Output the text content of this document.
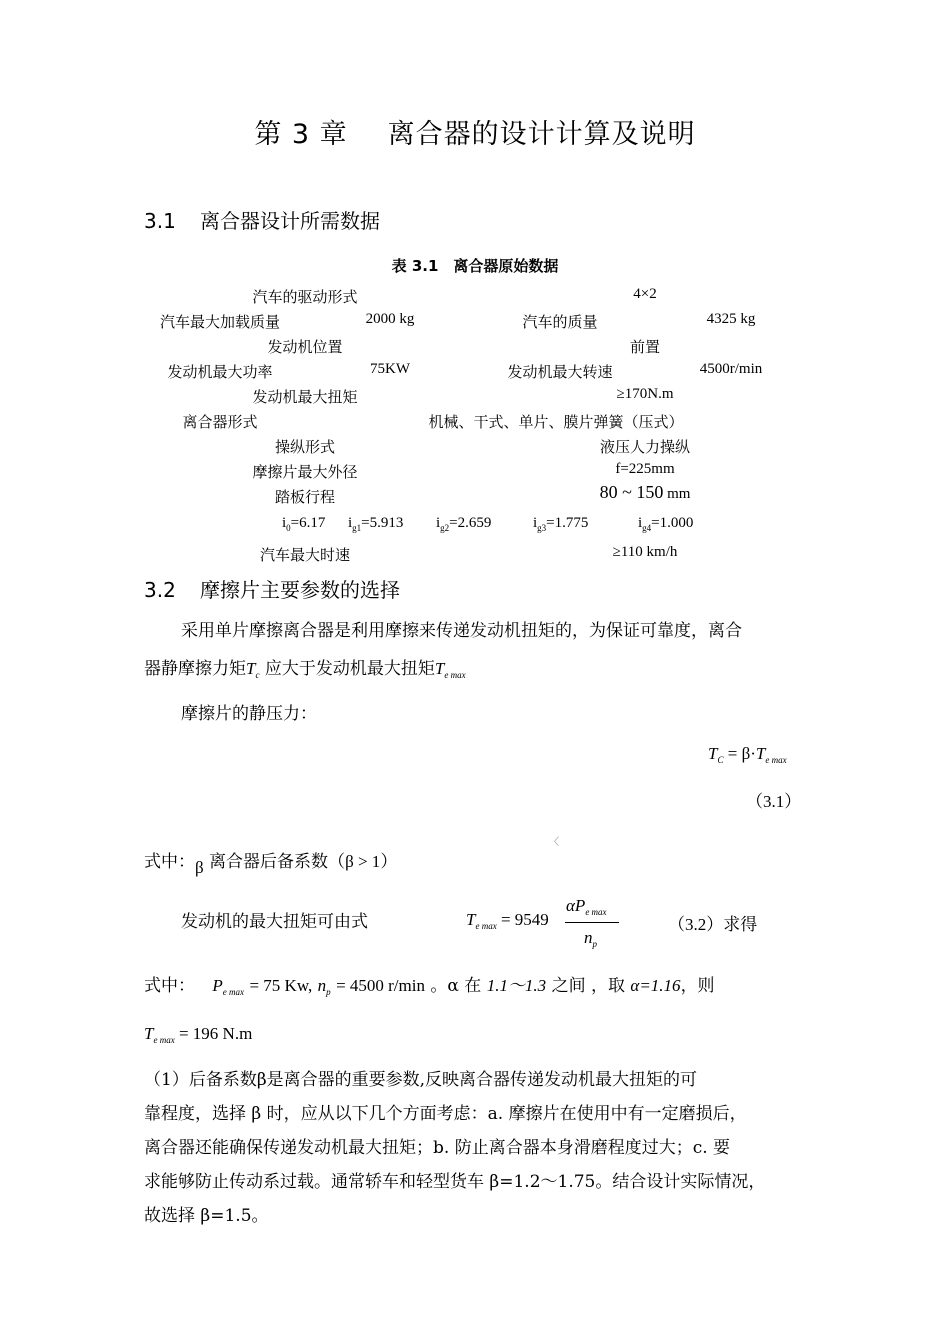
第 3 章 离合器的设计计算及说明
3.1 离合器设计所需数据
表 3.1　离合器原始数据
汽车的驱动形式	4×2
汽车最大加载质量	2000 kg	汽车的质量	4325 kg
发动机位置	前置
发动机最大功率	75KW	发动机最大转速	4500r/min
发动机最大扭矩	≥170N.m
离合器形式	机械、干式、单片、膜片弹簧（压式）
操纵形式	液压人力操纵
摩擦片最大外径	f=225mm
踏板行程	80 ~ 150 mm
$i_0=6.17$ $i_{g1}=5.913$ $i_{g2}=2.659$	$i_{g3}=1.775$	$i_{g4}=1.000$
汽车最大时速	≥110 km/h
3.2 摩擦片主要参数的选择
采用单片摩擦离合器是利用摩擦来传递发动机扭矩的，为保证可靠度，离合
器静摩擦力矩$T_c$ 应大于发动机最大扭矩$T_{e max}$
摩擦片的静压力：
$T_C = \beta\cdot T_{e max}$
（3.1）
〈
式中：β 离合器后备系数（β > 1）
发动机的最大扭矩可由式	$T_{e max} = 9549$
$\alpha P_{e max}$
$n_p$
（3.2）求得
式中： $P_{e max} = 75$ Kw, $n_p = 4500$ r/min 。α 在 1.1～1.3 之间 ，取 α=1.16，则
$T_{e max} = 196$ N.m
（1）后备系数β是离合器的重要参数,反映离合器传递发动机最大扭矩的可
靠程度，选择 β 时，应从以下几个方面考虑：a. 摩擦片在使用中有一定磨损后，
离合器还能确保传递发动机最大扭矩；b. 防止离合器本身滑磨程度过大；c. 要
求能够防止传动系过载。通常轿车和轻型货车 β=1.2～1.75。结合设计实际情况，
故选择 β=1.5。
